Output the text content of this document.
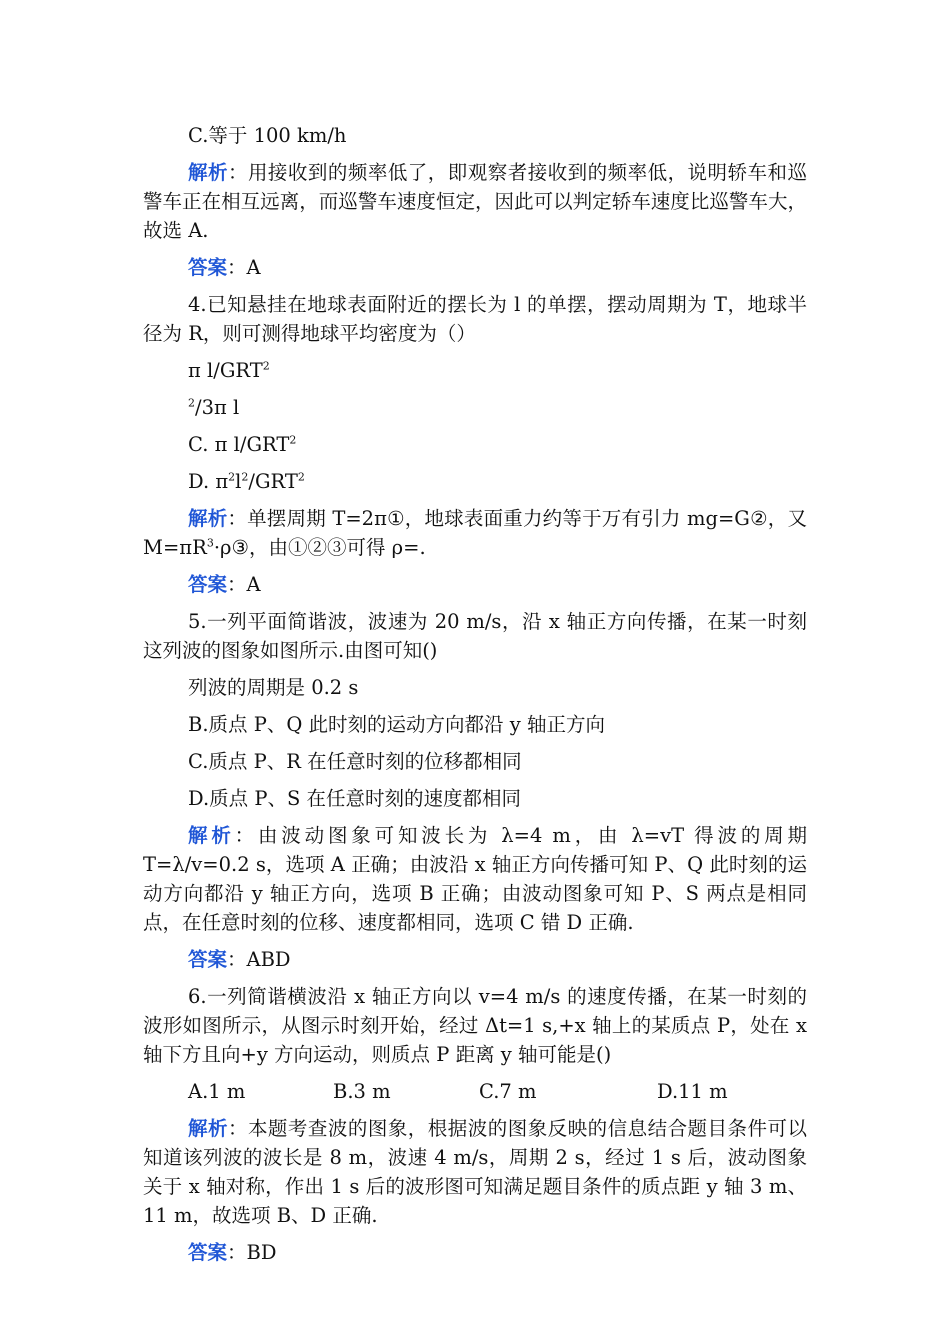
C.等于 100 km/h

解析：用接收到的频率低了，即观察者接收到的频率低，说明轿车和巡警车正在相互远离，而巡警车速度恒定，因此可以判定轿车速度比巡警车大，故选 A.

答案：A

4.已知悬挂在地球表面附近的摆长为 l 的单摆，摆动周期为 T，地球半径为 R，则可测得地球平均密度为（）

π l/GRT$^2$

$^2$/3π l

C. π l/GRT$^2$

D. $\pi^2l^2/GRT^2$

解析：单摆周期 T=2π①，地球表面重力约等于万有引力 mg=G②，又 $M=\pi R^3\cdot\rho ③$，由①②③可得 ρ=.

答案：A

5.一列平面简谐波，波速为 20 m/s，沿 x 轴正方向传播，在某一时刻这列波的图象如图所示.由图可知()

列波的周期是 0.2 s

B.质点 P、Q 此时刻的运动方向都沿 y 轴正方向

C.质点 P、R 在任意时刻的位移都相同

D.质点 P、S 在任意时刻的速度都相同

解析：由波动图象可知波长为 λ=4 m，由 λ=vT 得波的周期 T=λ/v=0.2 s，选项 A 正确；由波沿 x 轴正方向传播可知 P、Q 此时刻的运动方向都沿 y 轴正方向，选项 B 正确；由波动图象可知 P、S 两点是相同点，在任意时刻的位移、速度都相同，选项 C 错 D 正确.

答案：ABD

6.一列简谐横波沿 x 轴正方向以 v=4 m/s 的速度传播，在某一时刻的波形如图所示，从图示时刻开始，经过 Δt=1 s,+x 轴上的某质点 P，处在 x 轴下方且向+y 方向运动，则质点 P 距离 y 轴可能是()

A.1 m	B.3 m	C.7 m	D.11 m

解析：本题考查波的图象，根据波的图象反映的信息结合题目条件可以知道该列波的波长是 8 m，波速 4 m/s，周期 2 s，经过 1 s 后，波动图象关于 x 轴对称，作出 1 s 后的波形图可知满足题目条件的质点距 y 轴 3 m、11 m，故选项 B、D 正确.

答案：BD
